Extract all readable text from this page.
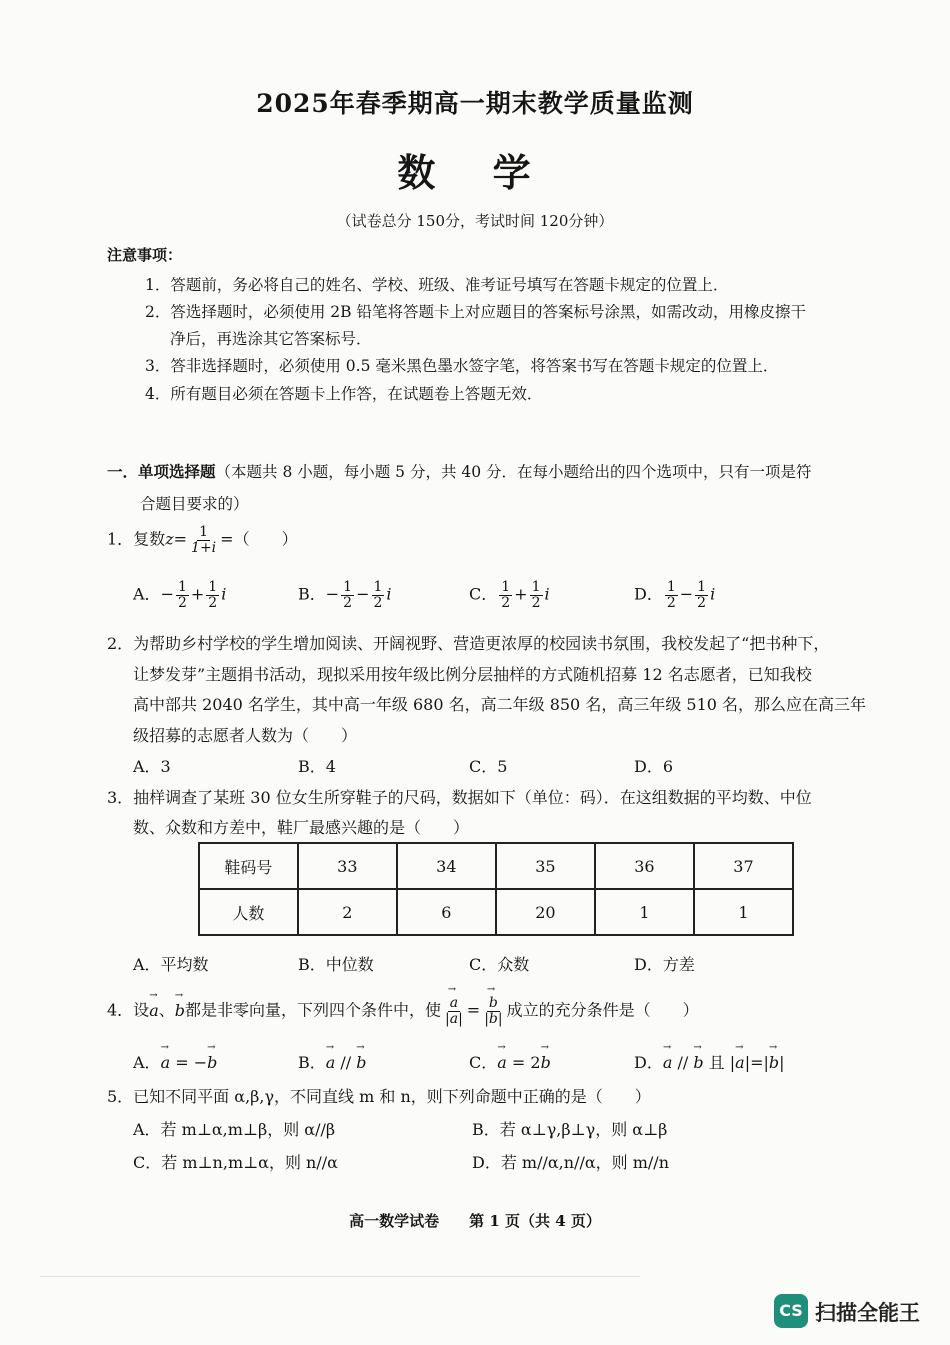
2025年春季期高一期末教学质量监测
数 学
（试卷总分 150分，考试时间 120分钟）
注意事项：
1．答题前，务必将自己的姓名、学校、班级、准考证号填写在答题卡规定的位置上．
2．答选择题时，必须使用 2B 铅笔将答题卡上对应题目的答案标号涂黑，如需改动，用橡皮擦干
净后，再选涂其它答案标号．
3．答非选择题时，必须使用 0.5 毫米黑色墨水签字笔，将答案书写在答题卡规定的位置上．
4．所有题目必须在答题卡上作答，在试题卷上答题无效．
一．单项选择题（本题共 8 小题，每小题 5 分，共 40 分．在每小题给出的四个选项中，只有一项是符
合题目要求的）
1．复数$z= \frac{1}{1+i}$ =（　　）
A．− $\frac{1}{2} + \frac{1}{2}$ i	B．− $\frac{1}{2} - \frac{1}{2}$ i	C． $\frac{1}{2} + \frac{1}{2}$ i	D． $\frac{1}{2} - \frac{1}{2}$ i
2．为帮助乡村学校的学生增加阅读、开阔视野、营造更浓厚的校园读书氛围，我校发起了“把书种下，
让梦发芽”主题捐书活动，现拟采用按年级比例分层抽样的方式随机招募 12 名志愿者，已知我校
高中部共 2040 名学生，其中高一年级 680 名，高二年级 850 名，高三年级 510 名，那么应在高三年
级招募的志愿者人数为（　　）
A．3	B．4	C．5	D．6
3．抽样调查了某班 30 位女生所穿鞋子的尺码，数据如下（单位：码）．在这组数据的平均数、中位
数、众数和方差中，鞋厂最感兴趣的是（　　）
鞋码号	33	34	35	36	37
人数	2	6	20	1	1
A．平均数	B．中位数	C．众数	D．方差
4．设→ a、→ b都是非零向量，下列四个条件中，使 → $\frac{a}{|a|}$ = → $\frac{b}{|b|}$ 成立的充分条件是（　　）
A．→ a = −→ b	B．→ a // → b	C．→ a = 2→ b	D．→ a // → b 且 |→ a|=|→ b|
5．已知不同平面 α,β,γ，不同直线 m 和 n，则下列命题中正确的是（　　）
A．若 m⊥α,m⊥β，则 α//β	B．若 α⊥γ,β⊥γ，则 α⊥β
C．若 m⊥n,m⊥α，则 n//α	D．若 m//α,n//α，则 m//n
高一数学试卷　　第 1 页（共 4 页）
CS 扫描全能王
